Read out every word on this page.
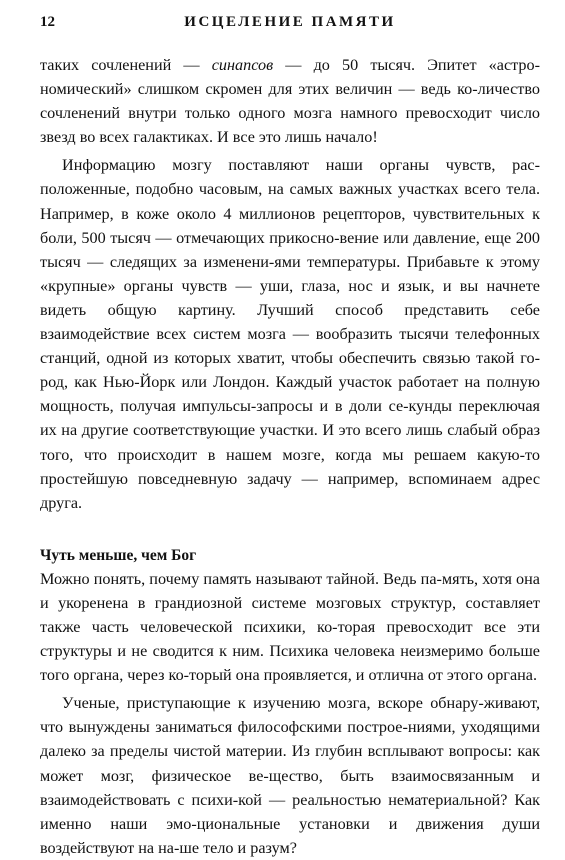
12	ИСЦЕЛЕНИЕ ПАМЯТИ

таких сочленений — синапсов — до 50 тысяч. Эпитет «астро-номический» слишком скромен для этих величин — ведь ко-личество сочленений внутри только одного мозга намного превосходит число звезд во всех галактиках. И все это лишь начало!

Информацию мозгу поставляют наши органы чувств, рас-положенные, подобно часовым, на самых важных участках всего тела. Например, в коже около 4 миллионов рецепторов, чувствительных к боли, 500 тысяч — отмечающих прикосно-вение или давление, еще 200 тысяч — следящих за изменени-ями температуры. Прибавьте к этому «крупные» органы чувств — уши, глаза, нос и язык, и вы начнете видеть общую картину. Лучший способ представить себе взаимодействие всех систем мозга — вообразить тысячи телефонных станций, одной из которых хватит, чтобы обеспечить связью такой го-род, как Нью-Йорк или Лондон. Каждый участок работает на полную мощность, получая импульсы-запросы и в доли се-кунды переключая их на другие соответствующие участки. И это всего лишь слабый образ того, что происходит в нашем мозге, когда мы решаем какую-то простейшую повседневную задачу — например, вспоминаем адрес друга.

Чуть меньше, чем Бог

Можно понять, почему память называют тайной. Ведь па-мять, хотя она и укоренена в грандиозной системе мозговых структур, составляет также часть человеческой психики, ко-торая превосходит все эти структуры и не сводится к ним. Психика человека неизмеримо больше того органа, через ко-торый она проявляется, и отлична от этого органа.

Ученые, приступающие к изучению мозга, вскоре обнару-живают, что вынуждены заниматься философскими построе-ниями, уходящими далеко за пределы чистой материи. Из глубин всплывают вопросы: как может мозг, физическое ве-щество, быть взаимосвязанным и взаимодействовать с психи-кой — реальностью нематериальной? Как именно наши эмо-циональные установки и движения души воздействуют на на-ше тело и разум?
